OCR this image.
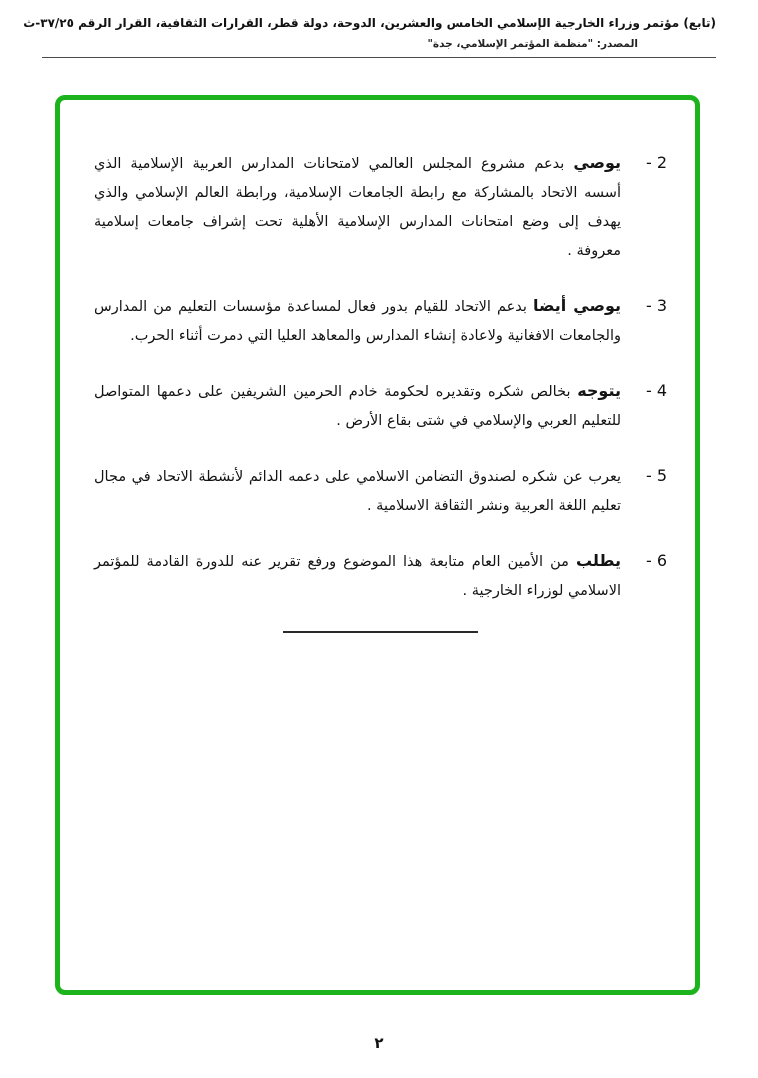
(تابع) مؤتمر وزراء الخارجية الإسلامي الخامس والعشرين، الدوحة، دولة قطر، القرارات الثقافية، القرار الرقم ٣٧/٢٥-ث
المصدر: "منظمة المؤتمر الإسلامي، جدة"
2 -

يوصي بدعم مشروع المجلس العالمي لامتحانات المدارس العربية الإسلامية الذي أسسه الاتحاد بالمشاركة مع رابطة الجامعات الإسلامية، ورابطة العالم الإسلامي والذي يهدف إلى وضع امتحانات المدارس الإسلامية الأهلية تحت إشراف جامعات إسلامية معروفة .

3 -

يوصي أيضا بدعم الاتحاد للقيام بدور فعال لمساعدة مؤسسات التعليم من المدارس والجامعات الافغانية ولاعادة إنشاء المدارس والمعاهد العليا التي دمرت أثناء الحرب.

4 -

يتوجه بخالص شكره وتقديره لحكومة خادم الحرمين الشريفين على دعمها المتواصل للتعليم العربي والإسلامي في شتى بقاع الأرض .

5 -

يعرب عن شكره لصندوق التضامن الاسلامي على دعمه الدائم لأنشطة الاتحاد في مجال تعليم اللغة العربية ونشر الثقافة الاسلامية .

6 -

يطلب من الأمين العام متابعة هذا الموضوع ورفع تقرير عنه للدورة القادمة للمؤتمر الاسلامي لوزراء الخارجية .

٢
